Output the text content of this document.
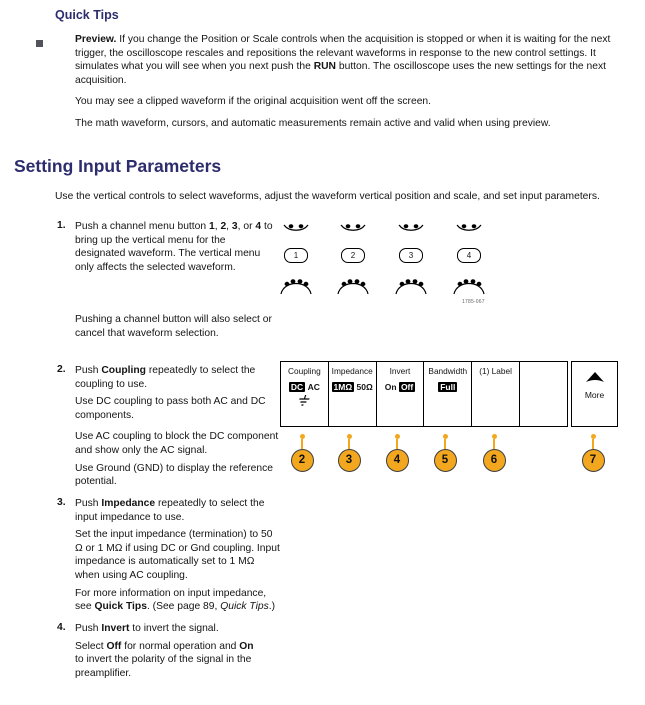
Quick Tips

Preview. If you change the Position or Scale controls when the acquisition is stopped or when it is waiting for the next trigger, the oscilloscope rescales and repositions the relevant waveforms in response to the new control settings. It simulates what you will see when you next push the RUN button. The oscilloscope uses the new settings for the next acquisition.

You may see a clipped waveform if the original acquisition went off the screen.

The math waveform, cursors, and automatic measurements remain active and valid when using preview.

Setting Input Parameters

Use the vertical controls to select waveforms, adjust the waveform vertical position and scale, and set input parameters.

1. Push a channel menu button 1, 2, 3, or 4 to bring up the vertical menu for the designated waveform. The vertical menu only affects the selected waveform.

Pushing a channel button will also select or cancel that waveform selection.

1	2	3	4
1785-067
2. Push Coupling repeatedly to select the coupling to use.

Use DC coupling to pass both AC and DC components.

Use AC coupling to block the DC component and show only the AC signal.

Use Ground (GND) to display the reference potential.

Coupling
DC AC
Impedance
1MΩ 50Ω
Invert
On Off
Bandwidth
Full
(1) Label
More
2	3	4	5	6	7
3. Push Impedance repeatedly to select the input impedance to use.

Set the input impedance (termination) to 50 Ω or 1 MΩ if using DC or Gnd coupling. Input impedance is automatically set to 1 MΩ when using AC coupling.

For more information on input impedance, see Quick Tips. (See page 89, Quick Tips.)

4. Push Invert to invert the signal.

Select Off for normal operation and On to invert the polarity of the signal in the preamplifier.
